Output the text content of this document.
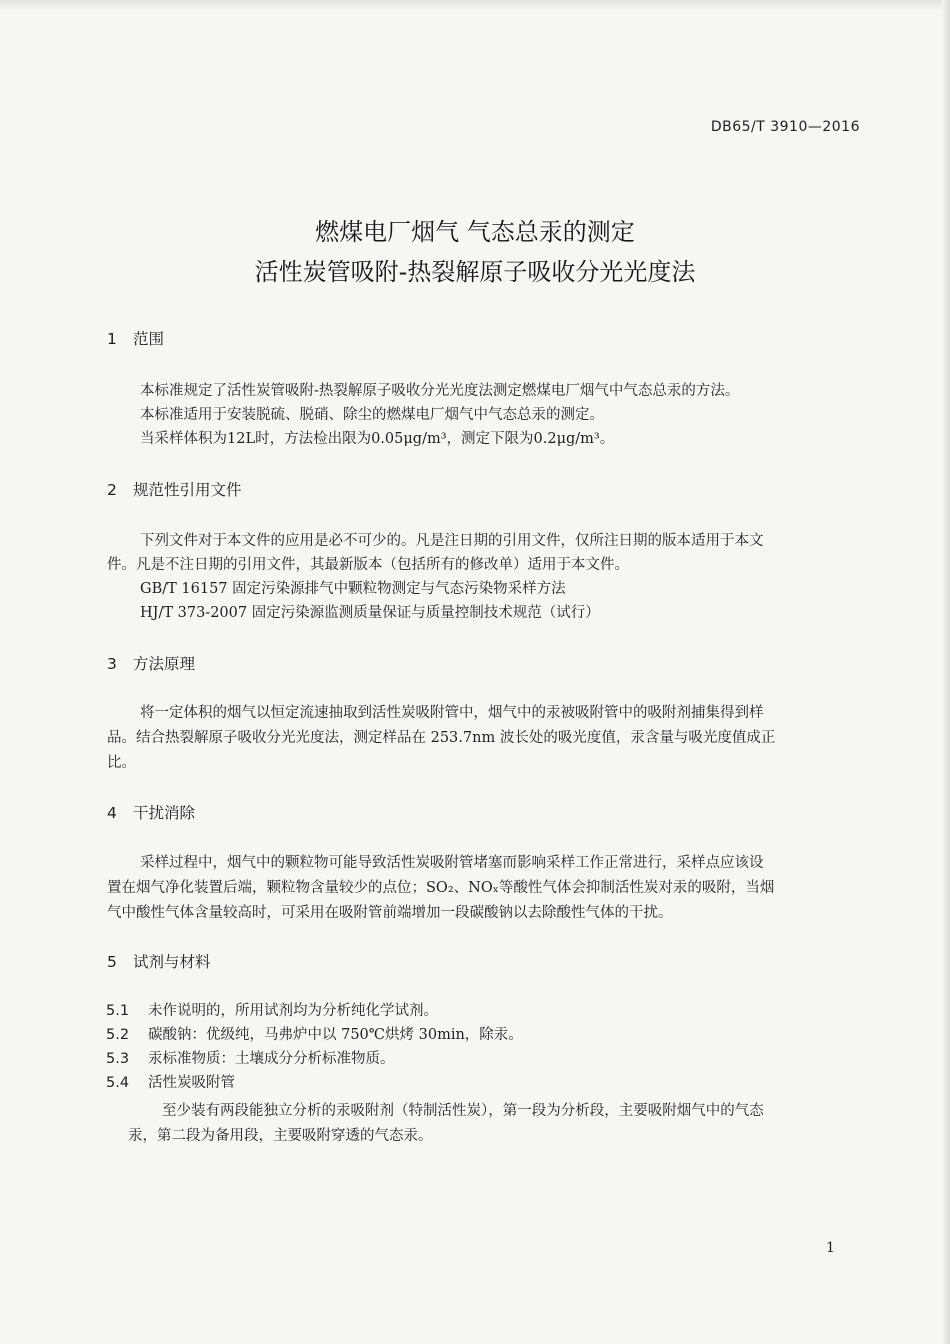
DB65/T 3910—2016
燃煤电厂烟气 气态总汞的测定
活性炭管吸附-热裂解原子吸收分光光度法
1 范围
本标准规定了活性炭管吸附-热裂解原子吸收分光光度法测定燃煤电厂烟气中气态总汞的方法。
本标准适用于安装脱硫、脱硝、除尘的燃煤电厂烟气中气态总汞的测定。
当采样体积为12L时，方法检出限为0.05μg/m³，测定下限为0.2μg/m³。
2 规范性引用文件
下列文件对于本文件的应用是必不可少的。凡是注日期的引用文件，仅所注日期的版本适用于本文
件。凡是不注日期的引用文件，其最新版本（包括所有的修改单）适用于本文件。
GB/T 16157 固定污染源排气中颗粒物测定与气态污染物采样方法
HJ/T 373-2007 固定污染源监测质量保证与质量控制技术规范（试行）
3 方法原理
将一定体积的烟气以恒定流速抽取到活性炭吸附管中，烟气中的汞被吸附管中的吸附剂捕集得到样
品。结合热裂解原子吸收分光光度法，测定样品在 253.7nm 波长处的吸光度值，汞含量与吸光度值成正
比。
4 干扰消除
采样过程中，烟气中的颗粒物可能导致活性炭吸附管堵塞而影响采样工作正常进行，采样点应该设
置在烟气净化装置后端，颗粒物含量较少的点位；SO₂、NOₓ等酸性气体会抑制活性炭对汞的吸附，当烟
气中酸性气体含量较高时，可采用在吸附管前端增加一段碳酸钠以去除酸性气体的干扰。
5 试剂与材料
5.1 未作说明的，所用试剂均为分析纯化学试剂。
5.2 碳酸钠：优级纯，马弗炉中以 750℃烘烤 30min，除汞。
5.3 汞标准物质：土壤成分分析标准物质。
5.4 活性炭吸附管
至少装有两段能独立分析的汞吸附剂（特制活性炭），第一段为分析段，主要吸附烟气中的气态
汞，第二段为备用段，主要吸附穿透的气态汞。
1
